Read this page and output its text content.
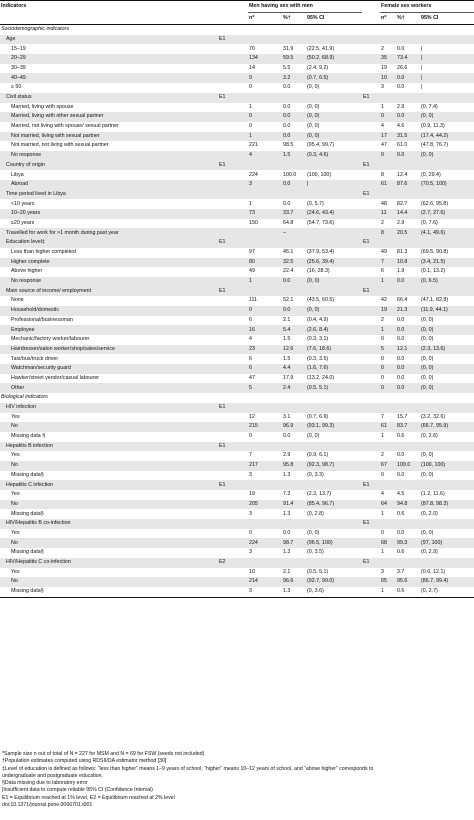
Indicators		Men having sex with men				Female sex workers		
		n*	%†	95% CI		n*	%†	95% CI
Sociodemographic indicators								
Age	E1							
15–19		70	31.9	(22.5, 41.9)		2	0.0	|
20–29		134	59.5	(50.2, 68.9)		35	73.4	|
30–39		14	5.5	(2.4, 9.2)		19	26.6	|
40–49		9	3.2	(0.7, 6.5)		10	0.0	|
≥ 50		0	0.0	(0, 0)		3	0.0	|
Civil status	E1				E1			
Married, living with spouse		1	0.0	(0, 0)		1	2.9	(0, 7.4)
Married, living with other sexual partner		0	0.0	(0, 0)		0	0.0	(0, 0)
Married, not living with spouse/ sexual partner		0	0.0	(0, 0)		4	4.6	(0.9, 11.3)
Not married, living with sexual partner		1	0.0	(0, 0)		17	31.5	(17.4, 44.2)
Not married, not living with sexual partner		221	98.5	(95.4, 99.7)		47	61.0	(47.8, 76.7)
No response		4	1.5	(0.3, 4.6)		0	0.0	(0, 0)
Country of origin	E1				E1			
Libya		224	100.0	(100, 100)		8	12.4	(0, 29.4)
Abroad		3	0.0	|		61	87.6	(70.5, 100)
Time period lived in Libya					E1			
<10 years		1	0.0	(0, 5.7)		48	82.7	(62.6, 95.8)
10–20 years		73	33.7	(24.6, 43.4)		11	14.4	(2.7, 27.6)
≥20 years		150	64.8	(54.7, 73.6)		2	2.9	(0, 7.6)
Travelled for work for >1 month during past year			–			8	20.5	(4.1, 49.6)
Education level‡	E1				E1			
Less than higher completed		97	45.1	(37.9, 53.4)		49	81.3	(69.5, 90.8)
Higher complete		80	32.5	(25.6, 39.4)		7	10.8	(3.4, 21.5)
Above higher		49	22.4	(16, 28.3)		6	1.9	(0.1, 13.2)
No response		1	0.0	(0, 0)		1	0.0	(0, 6.5)
Main source of income/ employment	E1				E1			
None		111	52.1	(43.5, 60.5)		42	66.4	(47.1, 82.8)
Household/domestic		0	0.0	(0, 0)		19	21.3	(11.9, 44.1)
Professional/businessman		6	2.1	(0.4, 4.9)		2	0.0	(0, 0)
Employee		16	5.4	(2.6, 8.4)		1	0.0	(0, 0)
Mechanic/factory worker/labourer		4	1.5	(0.3, 3.1)		0	0.0	(0, 0)
Hairdresser/salon worker/shop/sales/service		23	12.6	(7.6, 18.6)		5	12.1	(2.3, 13.6)
Taxi/bus/truck driver		6	1.5	(0.3, 3.5)		0	0.0	(0, 0)
Watchman/security guard		6	4.4	(1.6, 7.6)		0	0.0	(0, 0)
Hawker/street vendor/casual labourer		47	17.9	(13.2, 24.0)		0	0.0	(0, 0)
Other		5	2.4	(0.5, 5.1)		0	0.0	(0, 0)
Biological indicators								
HIV infection	E1							
Yes		12	3.1	(0.7, 6.9)		7	15.7	(3.2, 32.6)
No		215	96.9	(93.1, 99.3)		61	83.7	(66.7, 95.9)
Missing data §		0	0.0	(0, 0)		1	0.6	(0, 2.6)
Hepatitis B infection	E1							
Yes		7	2.9	(0.9, 6.1)		2	0.0	(0, 0)
No		217	95.8	(92.3, 98.7)		67	100.0	(100, 100)
Missing data§		3	1.3	(0, 3.3)		0	0.0	(0, 0)
Hepatitis C infection	E1				E1			
Yes		19	7.3	(2.3, 13.7)		4	4.5	(1.2, 11.6)
No		205	91.4	(85.4, 96.7)		64	94.8	(87.8, 98.3)
Missing data§		3	1.3	(0, 2.8)		1	0.6	(0, 2.0)
HIV/Hepatitis B co-infection					E1			
Yes		0	0.0	(0, 0)		0	0.0	(0, 0)
No		224	98.7	(96.5, 100)		68	99.3	(97, 100)
Missing data§		3	1.3	(0, 3.5)		1	0.6	(0, 2.9)
HIV/Hepatitis C co-infection	E2				E1			
Yes		10	2.1	(0.5, 5.1)		3	3.7	(0.6, 12.1)
No		214	96.6	(92.7, 99.0)		65	95.6	(86.7, 99.4)
Missing data§		3	1.3	(0, 3.6)		1	0.6	(0, 2.7)
*Sample size n out of total of N = 227 for MSM and N = 69 for FSW (seeds not included)
†Population estimates computed using RDSII/DA estimator method [30]
‡Level of education is defined as follows: “less than higher” means 1–9 years of school, “higher” means 10–12 years of school, and “above higher” corresponds to
undergraduate and postgraduate education.
§Data missing due to laboratory error
|Insufficient data to compute reliable 95% CI (Confidence Interval)
E1 = Equilibrium reached at 1% level, E2 = Equilibrium reached at 2% level
doi:10.1371/journal.pone.0066701.t001
